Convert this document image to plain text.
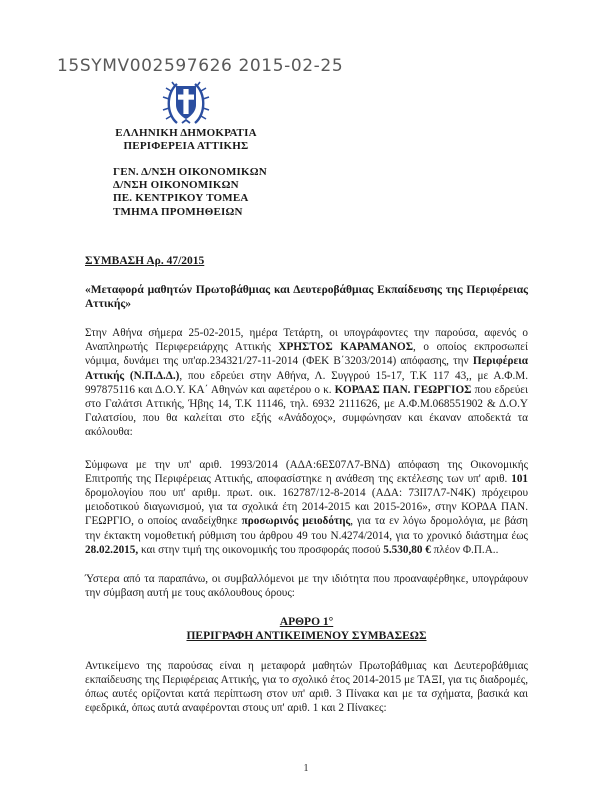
15SYMV002597626 2015-02-25
ΕΛΛΗΝΙΚΗ ΔΗΜΟΚΡΑΤΙΑ
ΠΕΡΙΦΕΡΕΙΑ ΑΤΤΙΚΗΣ
ΓΕΝ. Δ/ΝΣΗ ΟΙΚΟΝΟΜΙΚΩΝ
Δ/ΝΣΗ ΟΙΚΟΝΟΜΙΚΩΝ
ΠΕ. ΚΕΝΤΡΙΚΟΥ ΤΟΜΕΑ
ΤΜΗΜΑ ΠΡΟΜΗΘΕΙΩΝ

ΣΥΜΒΑΣΗ Αρ. 47/2015

«Μεταφορά μαθητών Πρωτοβάθμιας και Δευτεροβάθμιας Εκπαίδευσης της Περιφέρειας Αττικής»

Στην Αθήνα σήμερα 25-02-2015, ημέρα Τετάρτη, οι υπογράφοντες την παρούσα, αφενός ο Αναπληρωτής Περιφερειάρχης Αττικής ΧΡΗΣΤΟΣ ΚΑΡΑΜΑΝΟΣ, ο οποίος εκπροσωπεί νόμιμα, δυνάμει της υπ'αρ.234321/27-11-2014 (ΦΕΚ Β΄3203/2014) απόφασης, την Περιφέρεια Αττικής (Ν.Π.Δ.Δ.), που εδρεύει στην Αθήνα, Λ. Συγγρού 15-17, Τ.Κ 117 43,, με Α.Φ.Μ. 997875116 και Δ.Ο.Υ. ΚΑ΄ Αθηνών και αφετέρου ο κ. ΚΟΡΔΑΣ ΠΑΝ. ΓΕΩΡΓΙΟΣ που εδρεύει στο Γαλάτσι Αττικής, Ήβης 14, Τ.Κ 11146, τηλ. 6932 2111626, με Α.Φ.Μ.068551902 & Δ.Ο.Υ Γαλατσίου, που θα καλείται στο εξής «Ανάδοχος», συμφώνησαν και έκαναν αποδεκτά τα ακόλουθα:

Σύμφωνα με την υπ' αριθ. 1993/2014 (ΑΔΑ:6ΕΣ07Λ7-ΒΝΔ) απόφαση της Οικονομικής Επιτροπής της Περιφέρειας Αττικής, αποφασίστηκε η ανάθεση της εκτέλεσης των υπ' αριθ. 101 δρομολογίου που υπ' αριθμ. πρωτ. οικ. 162787/12-8-2014 (ΑΔΑ: 73ΙΙ7Λ7-Ν4Κ) πρόχειρου μειοδοτικού διαγωνισμού, για τα σχολικά έτη 2014-2015 και 2015-2016», στην ΚΟΡΔΑ ΠΑΝ. ΓΕΩΡΓΙΟ, ο οποίος αναδείχθηκε προσωρινός μειοδότης, για τα εν λόγω δρομολόγια, με βάση την έκτακτη νομοθετική ρύθμιση του άρθρου 49 του Ν.4274/2014, για το χρονικό διάστημα έως 28.02.2015, και στην τιμή της οικονομικής του προσφοράς ποσού 5.530,80 € πλέον Φ.Π.Α..

Ύστερα από τα παραπάνω, οι συμβαλλόμενοι με την ιδιότητα που προαναφέρθηκε, υπογράφουν την σύμβαση αυτή με τους ακόλουθους όρους:

ΑΡΘΡΟ 1°
ΠΕΡΙΓΡΑΦΗ ΑΝΤΙΚΕΙΜΕΝΟΥ ΣΥΜΒΑΣΕΩΣ

Αντικείμενο της παρούσας είναι η μεταφορά μαθητών Πρωτοβάθμιας και Δευτεροβάθμιας εκπαίδευσης της Περιφέρειας Αττικής, για το σχολικό έτος 2014-2015 με ΤΑΞΙ, για τις διαδρομές, όπως αυτές ορίζονται κατά περίπτωση στον υπ' αριθ. 3 Πίνακα και με τα σχήματα, βασικά και εφεδρικά, όπως αυτά αναφέρονται στους υπ' αριθ. 1 και 2 Πίνακες:

1
